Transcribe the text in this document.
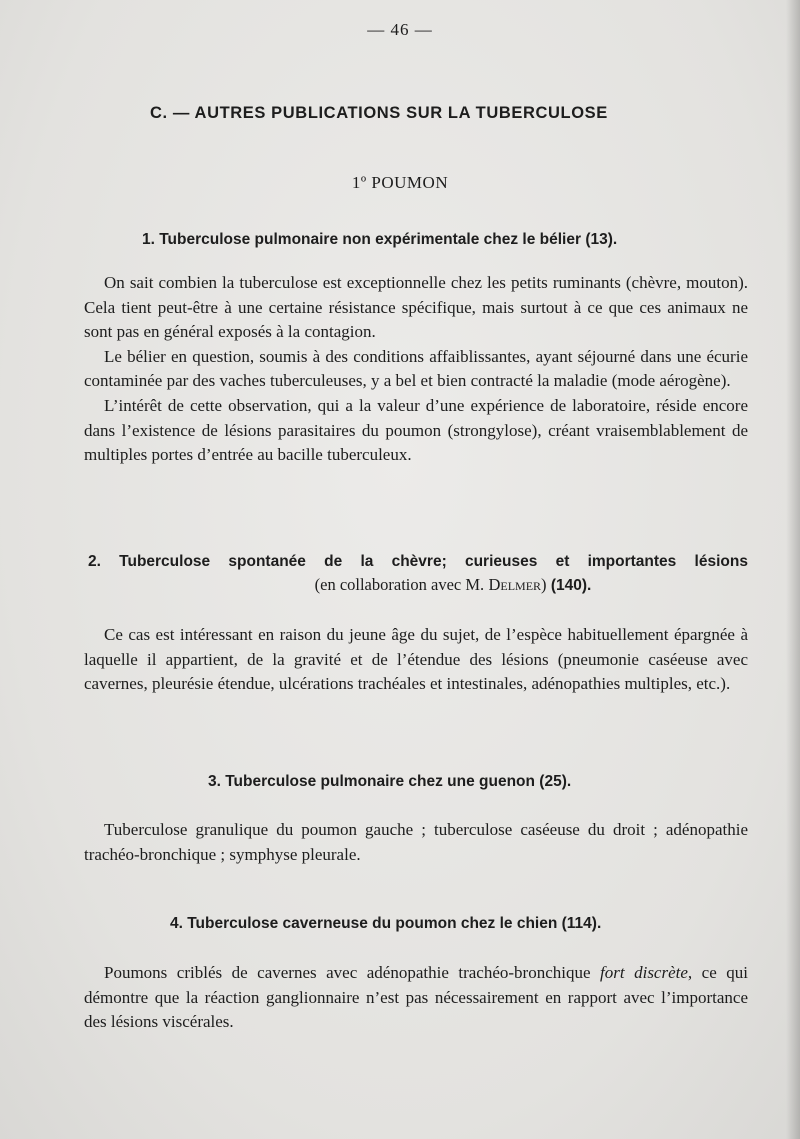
— 46 —
C. — AUTRES PUBLICATIONS SUR LA TUBERCULOSE
1º POUMON
1. Tuberculose pulmonaire non expérimentale chez le bélier (13).

On sait combien la tuberculose est exceptionnelle chez les petits ruminants (chèvre, mouton). Cela tient peut-être à une certaine résistance spécifique, mais surtout à ce que ces animaux ne sont pas en général exposés à la contagion.

Le bélier en question, soumis à des conditions affaiblissantes, ayant séjourné dans une écurie contaminée par des vaches tuberculeuses, y a bel et bien contracté la maladie (mode aérogène).

L’intérêt de cette observation, qui a la valeur d’une expérience de laboratoire, réside encore dans l’existence de lésions parasitaires du poumon (strongylose), créant vraisemblablement de multiples portes d’entrée au bacille tuberculeux.

2. Tuberculose spontanée de la chèvre; curieuses et importantes lésions
(en collaboration avec M. Delmer) (140).

Ce cas est intéressant en raison du jeune âge du sujet, de l’espèce habituellement épargnée à laquelle il appartient, de la gravité et de l’étendue des lésions (pneumonie caséeuse avec cavernes, pleurésie étendue, ulcérations trachéales et intestinales, adénopathies multiples, etc.).

3. Tuberculose pulmonaire chez une guenon (25).

Tuberculose granulique du poumon gauche ; tuberculose caséeuse du droit ; adénopathie trachéo-bronchique ; symphyse pleurale.

4. Tuberculose caverneuse du poumon chez le chien (114).

Poumons criblés de cavernes avec adénopathie trachéo-bronchique fort discrète, ce qui démontre que la réaction ganglionnaire n’est pas nécessairement en rapport avec l’importance des lésions viscérales.
